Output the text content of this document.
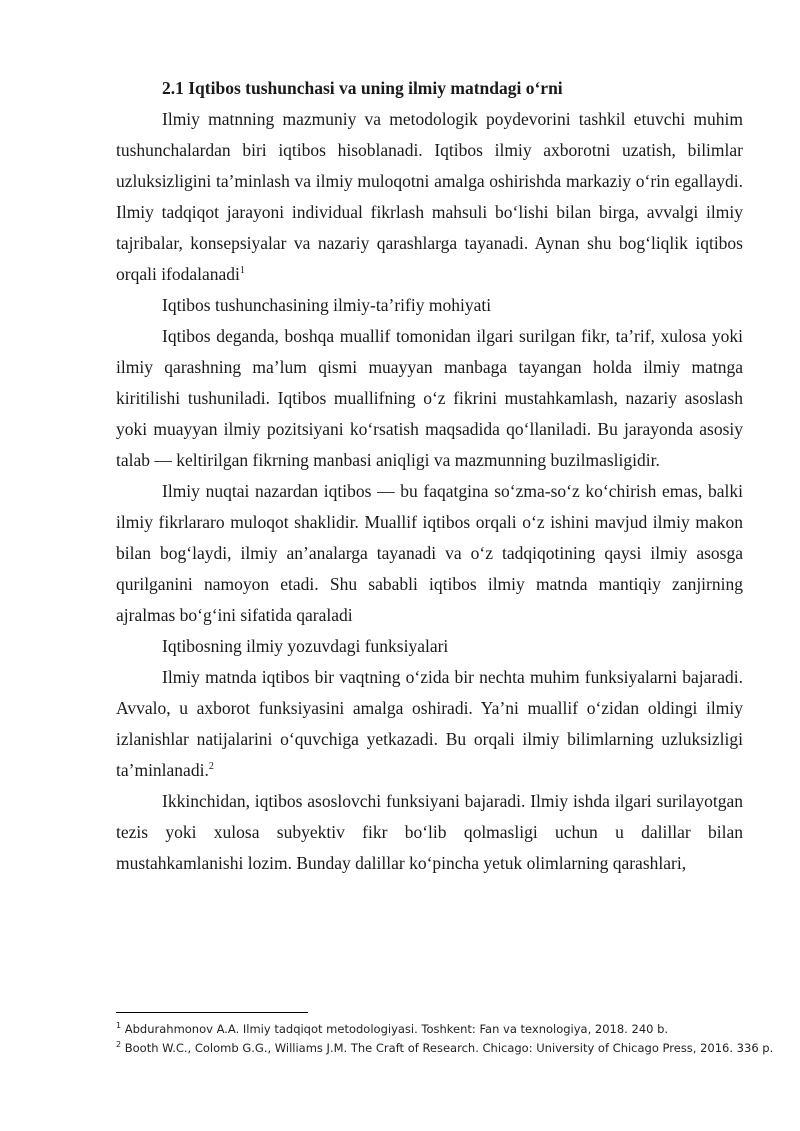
2.1 Iqtibos tushunchasi va uning ilmiy matndagi o‘rni

Ilmiy matnning mazmuniy va metodologik poydevorini tashkil etuvchi muhim tushunchalardan biri iqtibos hisoblanadi. Iqtibos ilmiy axborotni uzatish, bilimlar uzluksizligini ta’minlash va ilmiy muloqotni amalga oshirishda markaziy o‘rin egallaydi. Ilmiy tadqiqot jarayoni individual fikrlash mahsuli bo‘lishi bilan birga, avvalgi ilmiy tajribalar, konsepsiyalar va nazariy qarashlarga tayanadi. Aynan shu bog‘liqlik iqtibos orqali ifodalanadi$^1$

Iqtibos tushunchasining ilmiy-ta’rifiy mohiyati

Iqtibos deganda, boshqa muallif tomonidan ilgari surilgan fikr, ta’rif, xulosa yoki ilmiy qarashning ma’lum qismi muayyan manbaga tayangan holda ilmiy matnga kiritilishi tushuniladi. Iqtibos muallifning o‘z fikrini mustahkamlash, nazariy asoslash yoki muayyan ilmiy pozitsiyani ko‘rsatish maqsadida qo‘llaniladi. Bu jarayonda asosiy talab — keltirilgan fikrning manbasi aniqligi va mazmunning buzilmasligidir.

Ilmiy nuqtai nazardan iqtibos — bu faqatgina so‘zma-so‘z ko‘chirish emas, balki ilmiy fikrlararo muloqot shaklidir. Muallif iqtibos orqali o‘z ishini mavjud ilmiy makon bilan bog‘laydi, ilmiy an’analarga tayanadi va o‘z tadqiqotining qaysi ilmiy asosga qurilganini namoyon etadi. Shu sababli iqtibos ilmiy matnda mantiqiy zanjirning ajralmas bo‘g‘ini sifatida qaraladi

Iqtibosning ilmiy yozuvdagi funksiyalari

Ilmiy matnda iqtibos bir vaqtning o‘zida bir nechta muhim funksiyalarni bajaradi. Avvalo, u axborot funksiyasini amalga oshiradi. Ya’ni muallif o‘zidan oldingi ilmiy izlanishlar natijalarini o‘quvchiga yetkazadi. Bu orqali ilmiy bilimlarning uzluksizligi ta’minlanadi.$^2$

Ikkinchidan, iqtibos asoslovchi funksiyani bajaradi. Ilmiy ishda ilgari surilayotgan tezis yoki xulosa subyektiv fikr bo‘lib qolmasligi uchun u dalillar bilan mustahkamlanishi lozim. Bunday dalillar ko‘pincha yetuk olimlarning qarashlari,

$^1$ Abdurahmonov A.A. Ilmiy tadqiqot metodologiyasi. Toshkent: Fan va texnologiya, 2018. 240 b.
$^2$ Booth W.C., Colomb G.G., Williams J.M. The Craft of Research. Chicago: University of Chicago Press, 2016. 336 p.
